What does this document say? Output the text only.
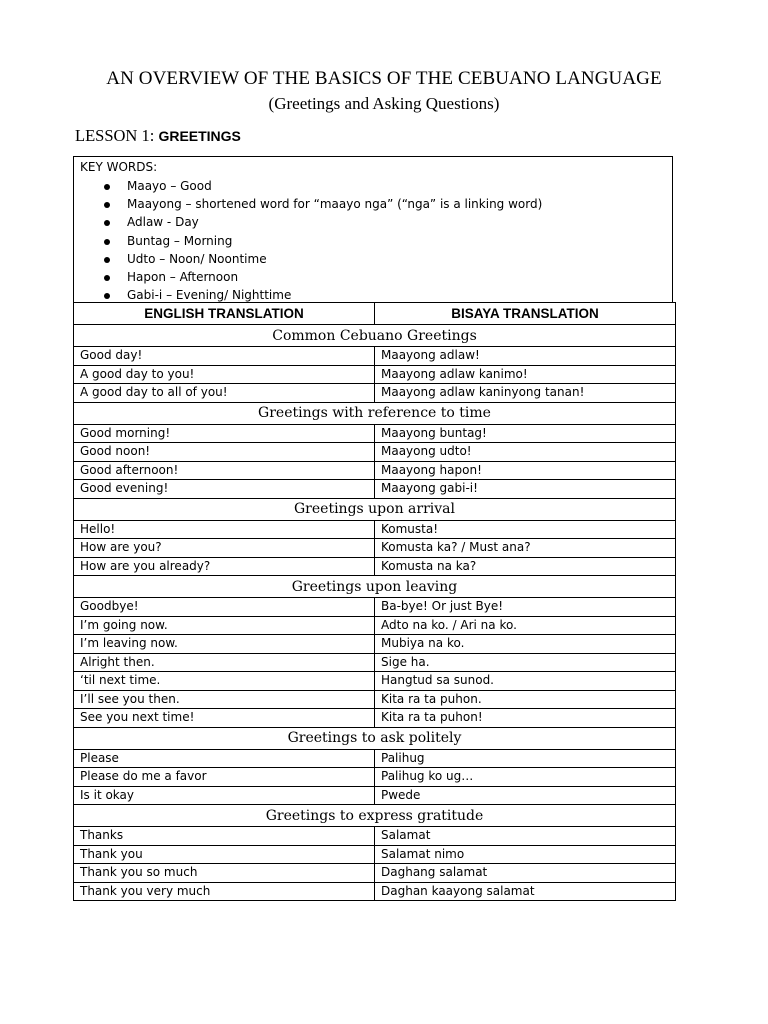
AN OVERVIEW OF THE BASICS OF THE CEBUANO LANGUAGE
(Greetings and Asking Questions)
LESSON 1: GREETINGS
KEY WORDS:
Maayo – Good
Maayong – shortened word for “maayo nga” (“nga” is a linking word)
Adlaw - Day
Buntag – Morning
Udto – Noon/ Noontime
Hapon – Afternoon
Gabi-i – Evening/ Nighttime
ENGLISH TRANSLATION	BISAYA TRANSLATION
Common Cebuano Greetings	
Good day!	Maayong adlaw!
A good day to you!	Maayong adlaw kanimo!
A good day to all of you!	Maayong adlaw kaninyong tanan!
Greetings with reference to time	
Good morning!	Maayong buntag!
Good noon!	Maayong udto!
Good afternoon!	Maayong hapon!
Good evening!	Maayong gabi-i!
Greetings upon arrival	
Hello!	Komusta!
How are you?	Komusta ka? / Must ana?
How are you already?	Komusta na ka?
Greetings upon leaving	
Goodbye!	Ba-bye! Or just Bye!
I’m going now.	Adto na ko. / Ari na ko.
I’m leaving now.	Mubiya na ko.
Alright then.	Sige ha.
‘til next time.	Hangtud sa sunod.
I’ll see you then.	Kita ra ta puhon.
See you next time!	Kita ra ta puhon!
Greetings to ask politely	
Please	Palihug
Please do me a favor	Palihug ko ug…
Is it okay	Pwede
Greetings to express gratitude	
Thanks	Salamat
Thank you	Salamat nimo
Thank you so much	Daghang salamat
Thank you very much	Daghan kaayong salamat
